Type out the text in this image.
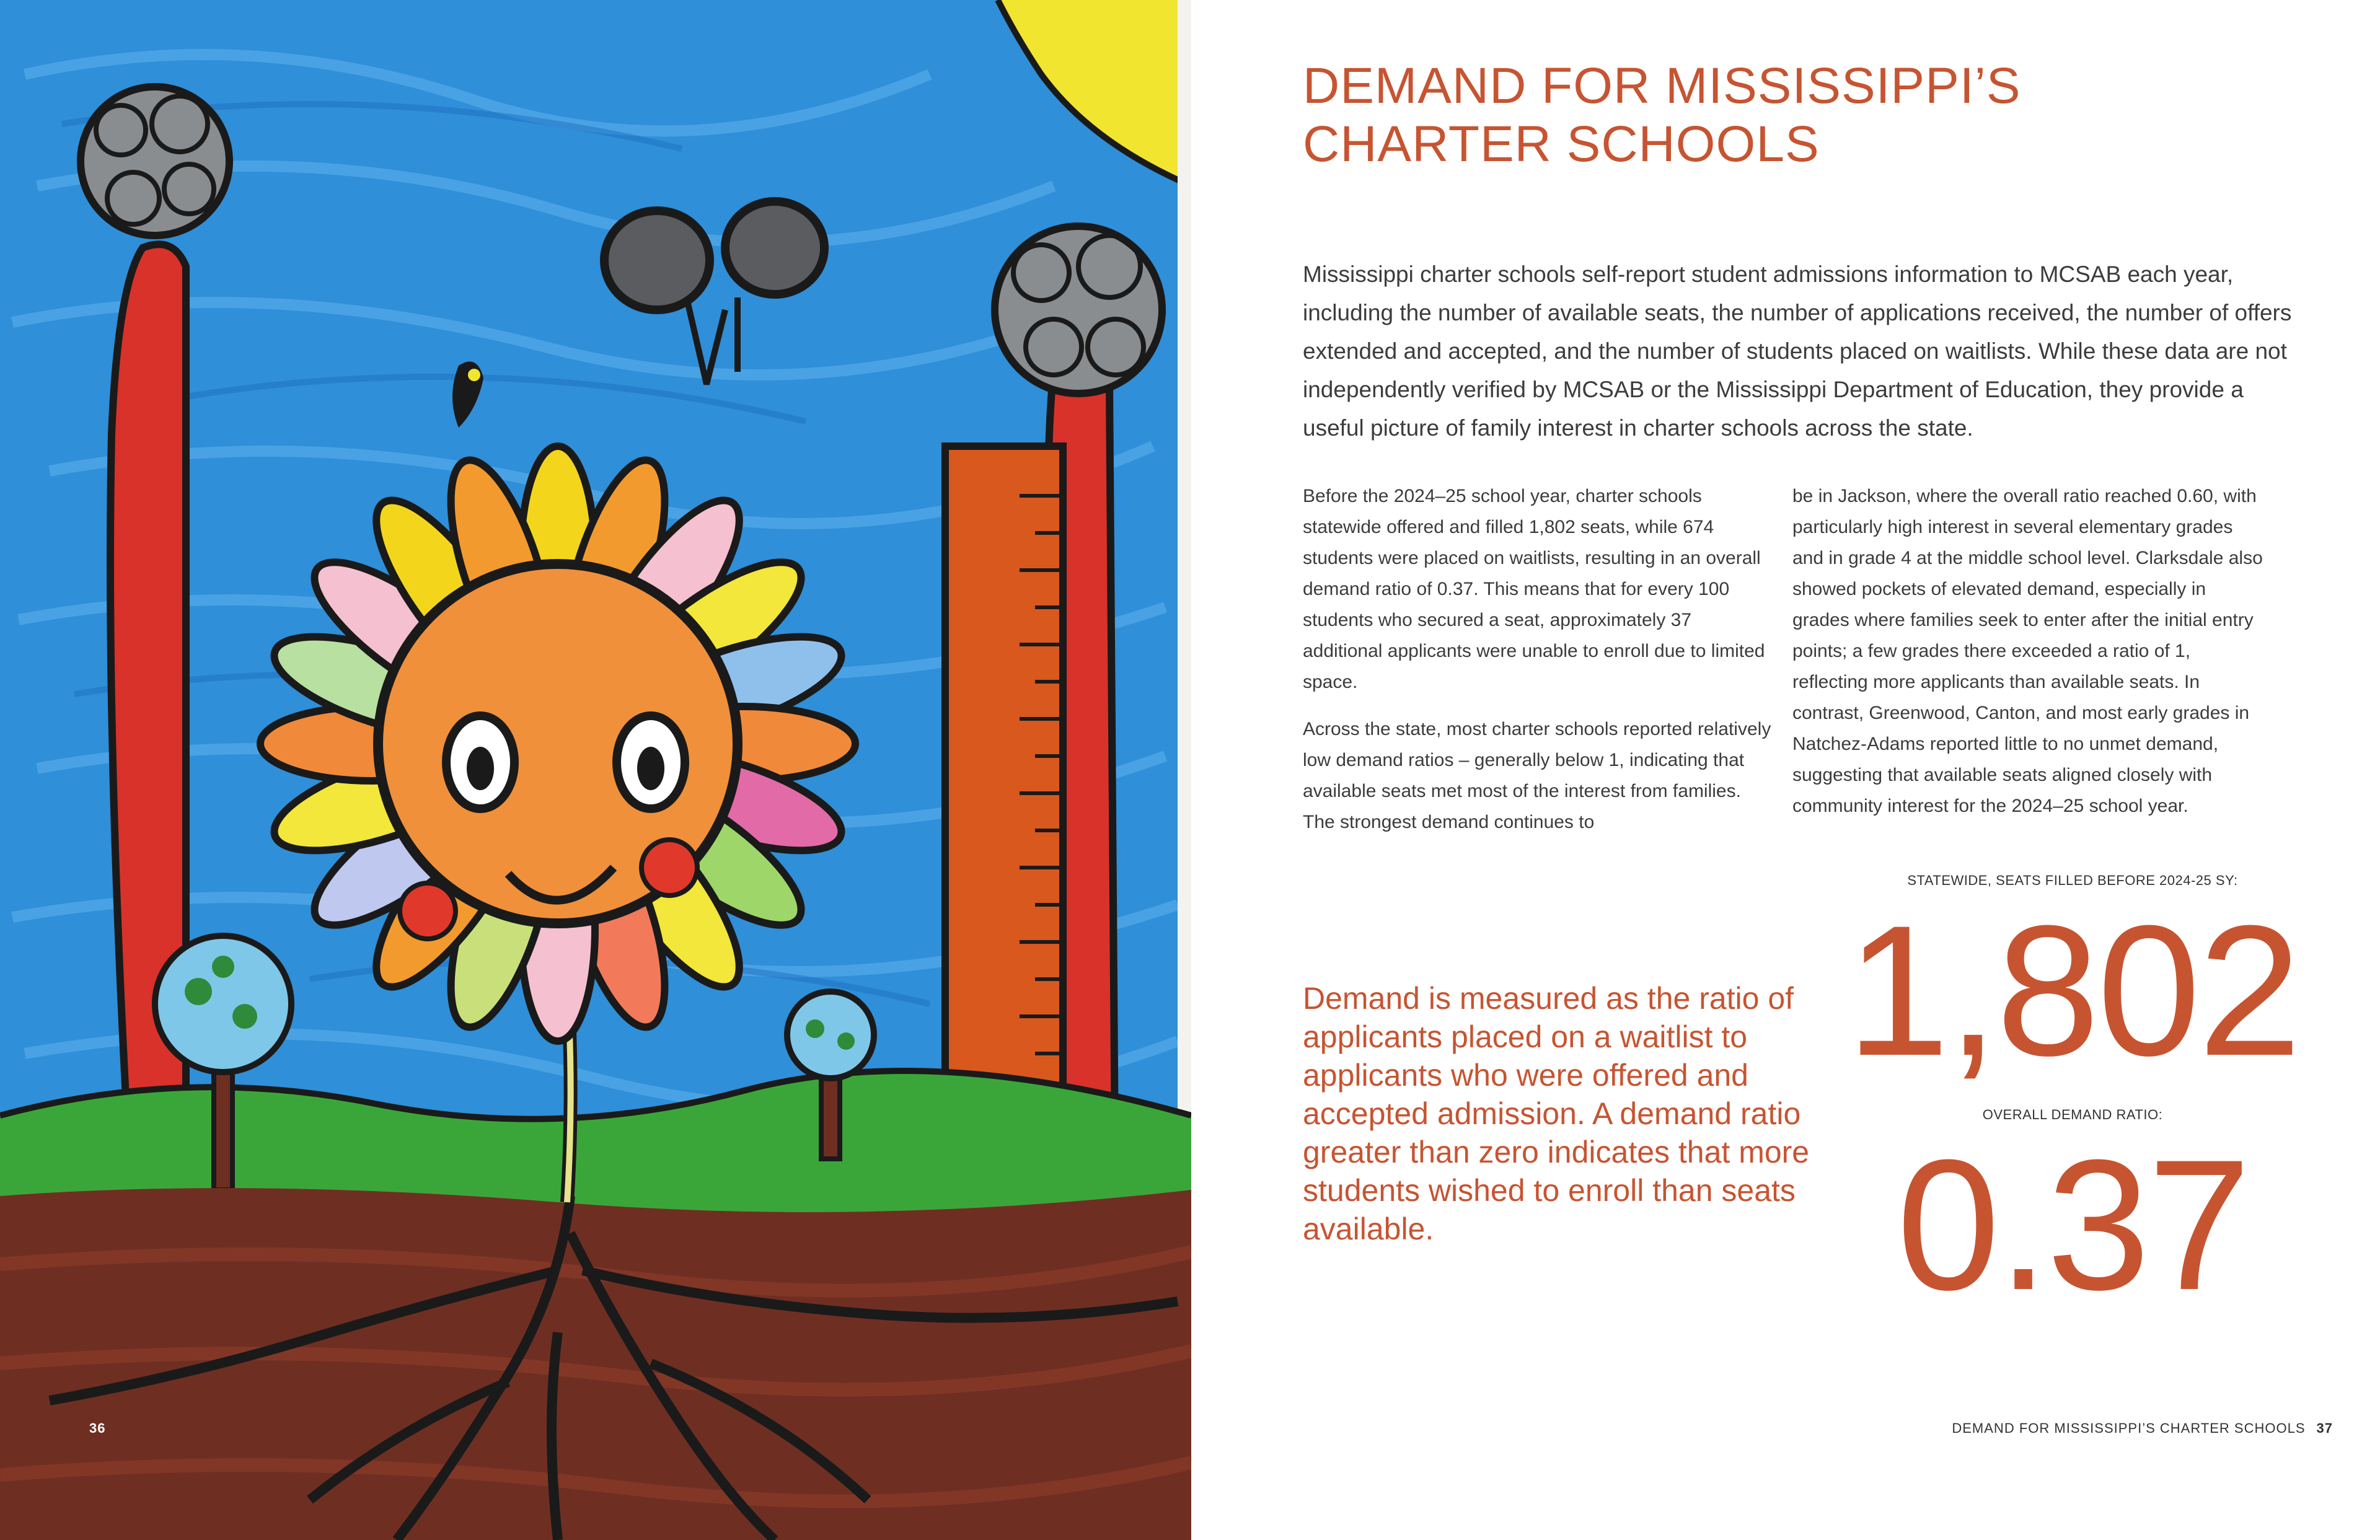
36
DEMAND FOR MISSISSIPPI’S
CHARTER SCHOOLS

Mississippi charter schools self-report student admissions information to MCSAB each year, including the number of available seats, the number of applications received, the number of offers extended and accepted, and the number of students placed on waitlists. While these data are not independently verified by MCSAB or the Mississippi Department of Education, they provide a useful picture of family interest in charter schools across the state.

Before the 2024–25 school year, charter schools statewide offered and filled 1,802 seats, while 674 students were placed on waitlists, resulting in an overall demand ratio of 0.37. This means that for every 100 students who secured a seat, approximately 37 additional applicants were unable to enroll due to limited space.

Across the state, most charter schools reported relatively low demand ratios – generally below 1, indicating that available seats met most of the interest from families. The strongest demand continues to

be in Jackson, where the overall ratio reached 0.60, with particularly high interest in several elementary grades and in grade 4 at the middle school level. Clarksdale also showed pockets of elevated demand, especially in grades where families seek to enter after the initial entry points; a few grades there exceeded a ratio of 1, reflecting more applicants than available seats. In contrast, Greenwood, Canton, and most early grades in Natchez-Adams reported little to no unmet demand, suggesting that available seats aligned closely with community interest for the 2024–25 school year.

Demand is measured as the ratio of applicants placed on a waitlist to applicants who were offered and accepted admission. A demand ratio greater than zero indicates that more students wished to enroll than seats available.

STATEWIDE, SEATS FILLED BEFORE 2024-25 SY:
1,802
OVERALL DEMAND RATIO:
0.37
DEMAND FOR MISSISSIPPI’S CHARTER SCHOOLS 37
